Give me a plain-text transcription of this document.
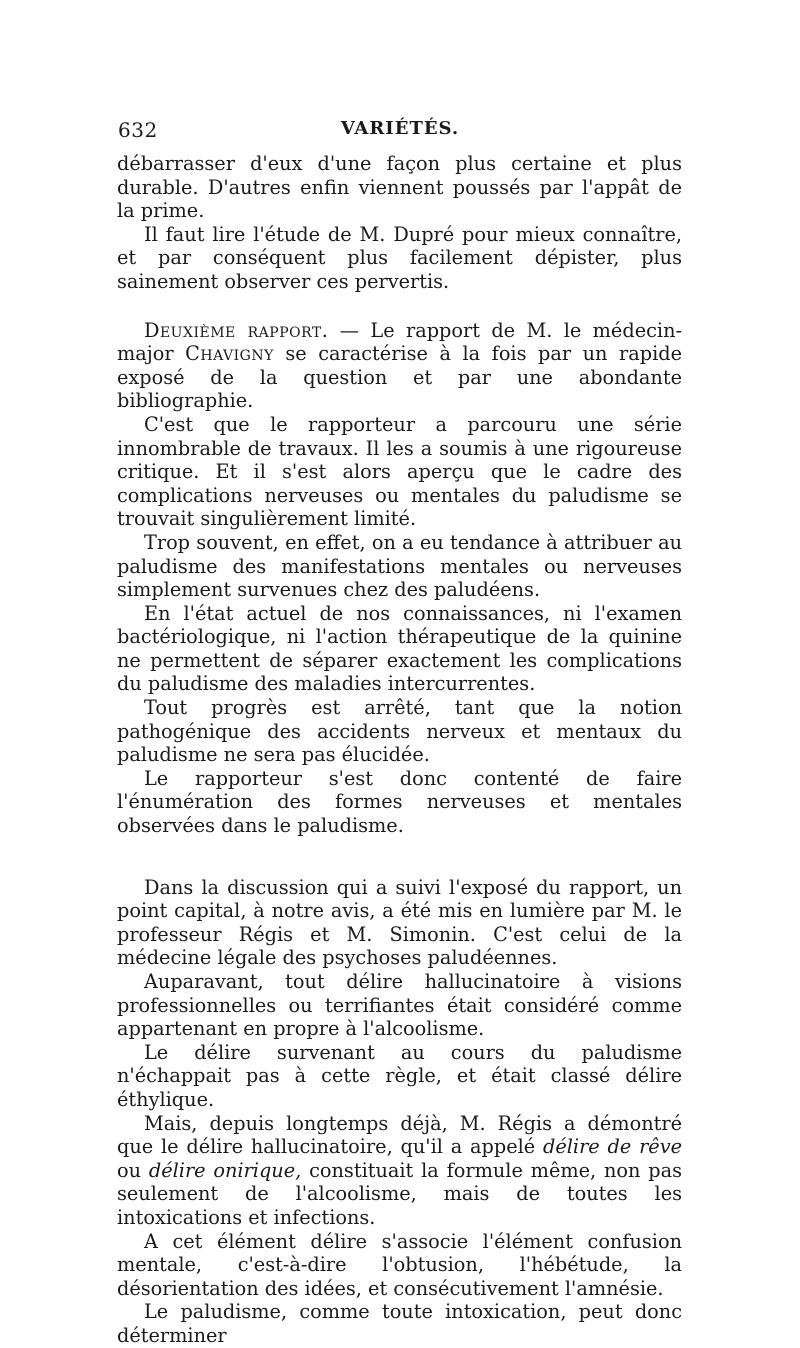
632	VARIÉTÉS.

débarrasser d'eux d'une façon plus certaine et plus durable. D'autres enfin viennent poussés par l'appât de la prime.

Il faut lire l'étude de M. Dupré pour mieux connaître, et par conséquent plus facilement dépister, plus sainement observer ces pervertis.

Deuxième rapport. — Le rapport de M. le médecin-major Chavigny se caractérise à la fois par un rapide exposé de la question et par une abondante bibliographie.

C'est que le rapporteur a parcouru une série innombrable de travaux. Il les a soumis à une rigoureuse critique. Et il s'est alors aperçu que le cadre des complications nerveuses ou mentales du paludisme se trouvait singulièrement limité.

Trop souvent, en effet, on a eu tendance à attribuer au paludisme des manifestations mentales ou nerveuses simplement survenues chez des paludéens.

En l'état actuel de nos connaissances, ni l'examen bactériologique, ni l'action thérapeutique de la quinine ne permettent de séparer exactement les complications du paludisme des maladies intercurrentes.

Tout progrès est arrêté, tant que la notion pathogénique des accidents nerveux et mentaux du paludisme ne sera pas élucidée.

Le rapporteur s'est donc contenté de faire l'énumération des formes nerveuses et mentales observées dans le paludisme.

Dans la discussion qui a suivi l'exposé du rapport, un point capital, à notre avis, a été mis en lumière par M. le professeur Régis et M. Simonin. C'est celui de la médecine légale des psychoses paludéennes.

Auparavant, tout délire hallucinatoire à visions professionnelles ou terrifiantes était considéré comme appartenant en propre à l'alcoolisme.

Le délire survenant au cours du paludisme n'échappait pas à cette règle, et était classé délire éthylique.

Mais, depuis longtemps déjà, M. Régis a démontré que le délire hallucinatoire, qu'il a appelé délire de rêve ou délire onirique, constituait la formule même, non pas seulement de l'alcoolisme, mais de toutes les intoxications et infections.

A cet élément délire s'associe l'élément confusion mentale, c'est-à-dire l'obtusion, l'hébétude, la désorientation des idées, et consécutivement l'amnésie.

Le paludisme, comme toute intoxication, peut donc déterminer
